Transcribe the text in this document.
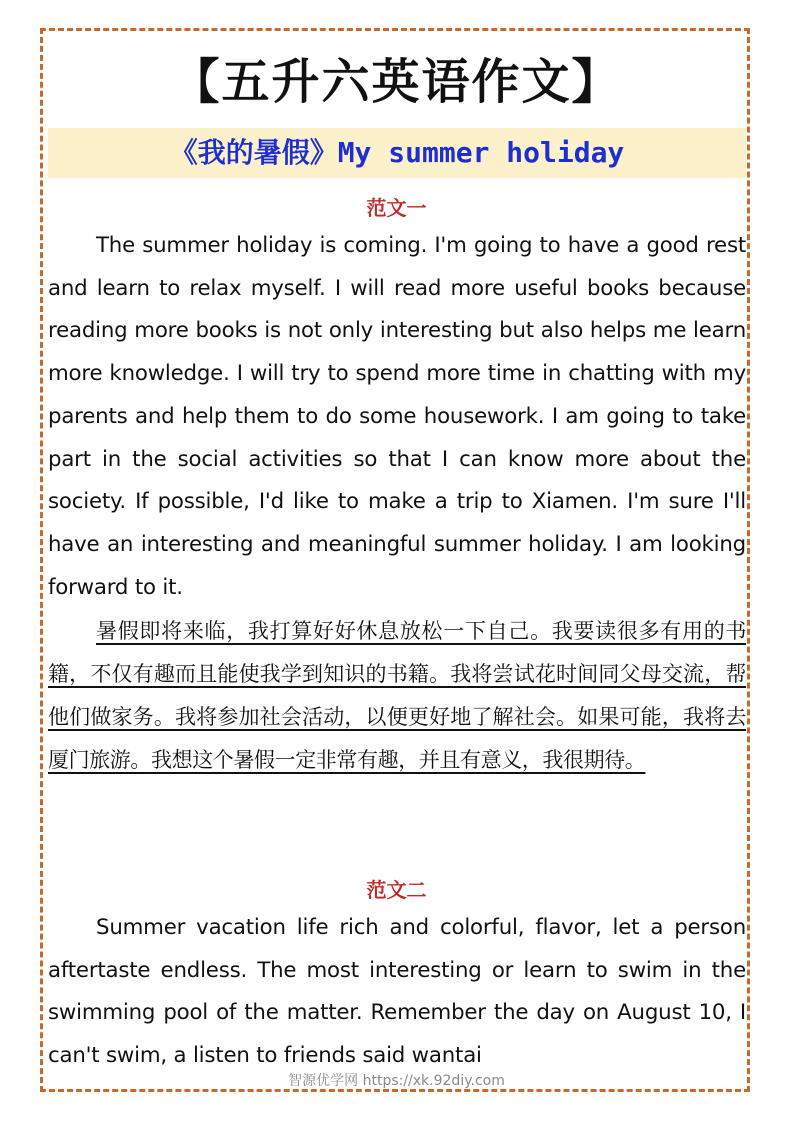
【五升六英语作文】
《我的暑假》My summer holiday
范文一

The summer holiday is coming. I'm going to have a good rest and learn to relax myself. I will read more useful books because reading more books is not only interesting but also helps me learn more knowledge. I will try to spend more time in chatting with my parents and help them to do some housework. I am going to take part in the social activities so that I can know more about the society. If possible, I'd like to make a trip to Xiamen. I'm sure I'll have an interesting and meaningful summer holiday. I am looking forward to it.

暑假即将来临，我打算好好休息放松一下自己。我要读很多有用的书籍，不仅有趣而且能使我学到知识的书籍。我将尝试花时间同父母交流，帮他们做家务。我将参加社会活动，以便更好地了解社会。如果可能，我将去厦门旅游。我想这个暑假一定非常有趣，并且有意义，我很期待。

范文二

Summer vacation life rich and colorful, flavor, let a person aftertaste endless. The most interesting or learn to swim in the swimming pool of the matter. Remember the day on August 10, I can't swim, a listen to friends said wantai

智源优学网 https://xk.92diy.com
